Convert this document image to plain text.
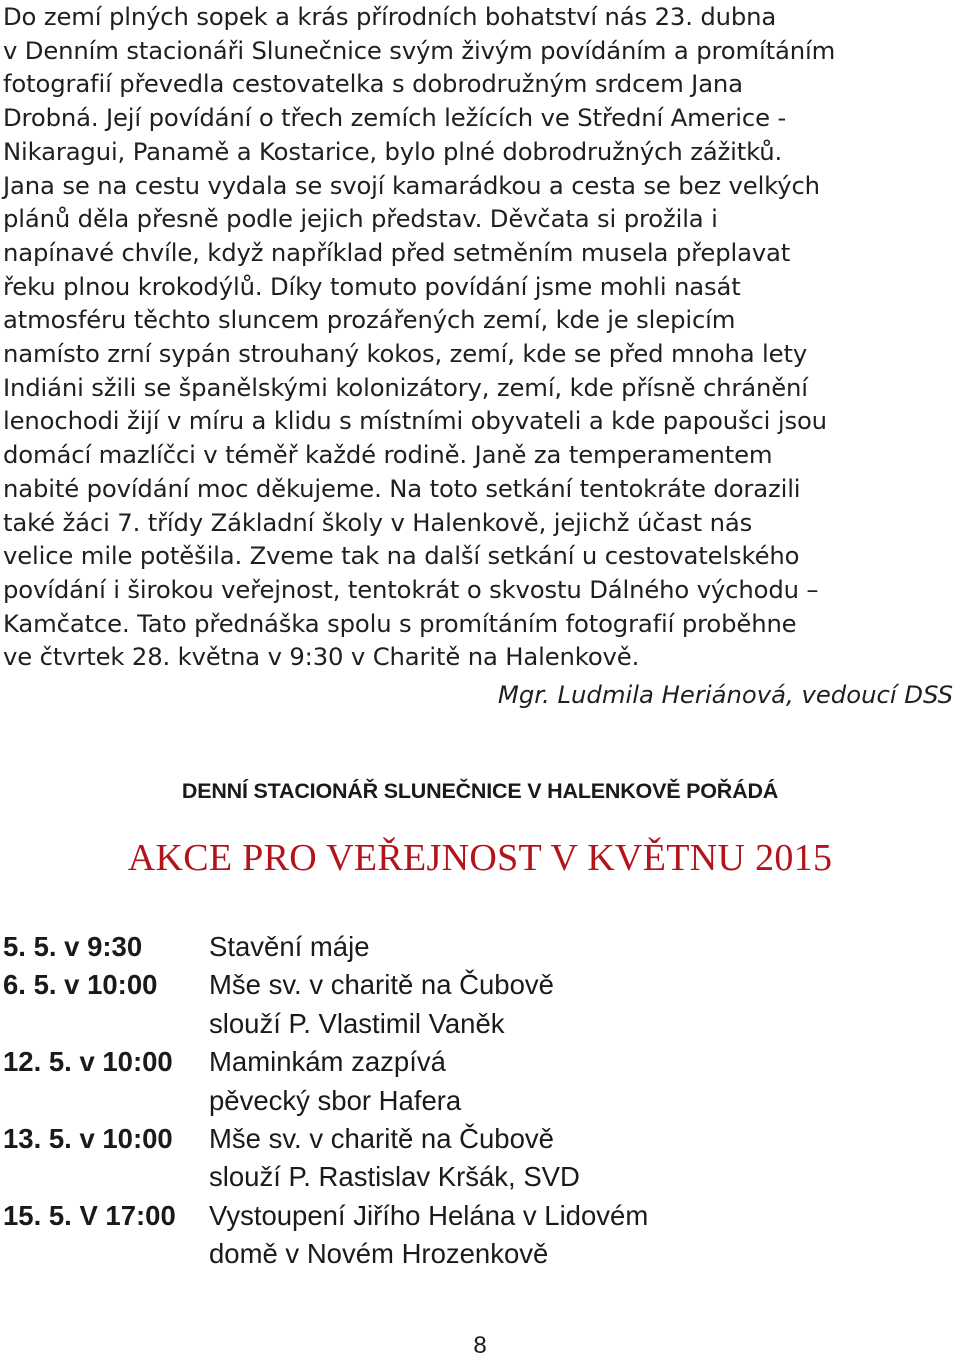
Do zemí plných sopek a krás přírodních bohatství nás 23. dubna
v Denním stacionáři Slunečnice svým živým povídáním a promítáním
fotografií převedla cestovatelka s dobrodružným srdcem Jana
Drobná. Její povídání o třech zemích ležících ve Střední Americe -
Nikaragui, Panamě a Kostarice, bylo plné dobrodružných zážitků.
Jana se na cestu vydala se svojí kamarádkou a cesta se bez velkých
plánů děla přesně podle jejich představ. Děvčata si prožila i
napínavé chvíle, když například před setměním musela přeplavat
řeku plnou krokodýlů. Díky tomuto povídání jsme mohli nasát
atmosféru těchto sluncem prozářených zemí, kde je slepicím
namísto zrní sypán strouhaný kokos, zemí, kde se před mnoha lety
Indiáni sžili se španělskými kolonizátory, zemí, kde přísně chránění
lenochodi žijí v míru a klidu s místními obyvateli a kde papoušci jsou
domácí mazlíčci v téměř každé rodině. Janě za temperamentem
nabité povídání moc děkujeme. Na toto setkání tentokráte dorazili
také žáci 7. třídy Základní školy v Halenkově, jejichž účast nás
velice mile potěšila. Zveme tak na další setkání u cestovatelského
povídání i širokou veřejnost, tentokrát o skvostu Dálného východu –
Kamčatce. Tato přednáška spolu s promítáním fotografií proběhne
ve čtvrtek 28. května v 9:30 v Charitě na Halenkově.
Mgr. Ludmila Heriánová, vedoucí DSS
DENNÍ STACIONÁŘ SLUNEČNICE V HALENKOVĚ POŘÁDÁ
AKCE PRO VEŘEJNOST V KVĚTNU 2015
5. 5. v 9:30	Stavění máje
6. 5. v 10:00	Mše sv. v charitě na Čubově
slouží P. Vlastimil Vaněk
12. 5. v 10:00	Maminkám zazpívá
pěvecký sbor Hafera
13. 5. v 10:00	Mše sv. v charitě na Čubově
slouží P. Rastislav Kršák, SVD
15. 5. V 17:00	Vystoupení Jiřího Helána v Lidovém
domě v Novém Hrozenkově
8
